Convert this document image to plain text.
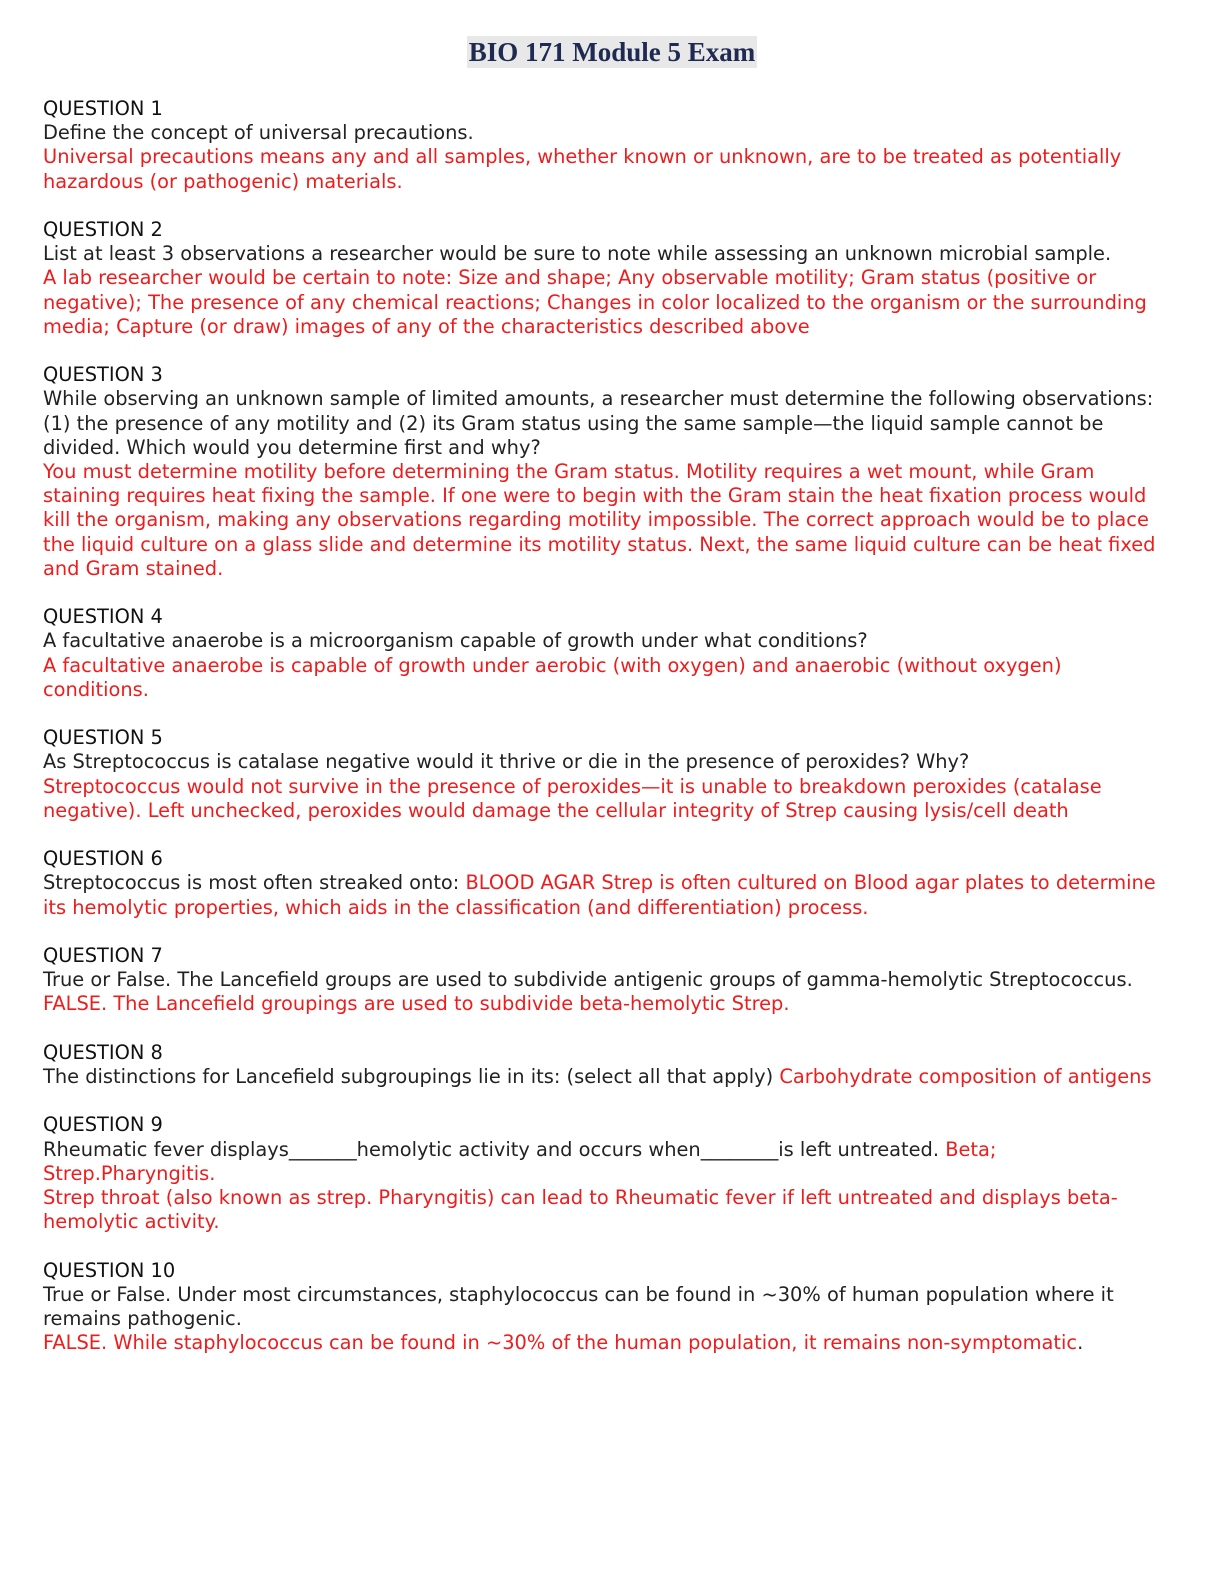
BIO 171 Module 5 Exam
QUESTION 1
Define the concept of universal precautions.
Universal precautions means any and all samples, whether known or unknown, are to be treated as potentially hazardous (or pathogenic) materials.
QUESTION 2
List at least 3 observations a researcher would be sure to note while assessing an unknown microbial sample.
A lab researcher would be certain to note: Size and shape; Any observable motility; Gram status (positive or negative); The presence of any chemical reactions; Changes in color localized to the organism or the surrounding media; Capture (or draw) images of any of the characteristics described above
QUESTION 3
While observing an unknown sample of limited amounts, a researcher must determine the following observations: (1) the presence of any motility and (2) its Gram status using the same sample—the liquid sample cannot be divided. Which would you determine first and why?
You must determine motility before determining the Gram status. Motility requires a wet mount, while Gram staining requires heat fixing the sample. If one were to begin with the Gram stain the heat fixation process would kill the organism, making any observations regarding motility impossible. The correct approach would be to place the liquid culture on a glass slide and determine its motility status. Next, the same liquid culture can be heat fixed and Gram stained.
QUESTION 4
A facultative anaerobe is a microorganism capable of growth under what conditions?
A facultative anaerobe is capable of growth under aerobic (with oxygen) and anaerobic (without oxygen) conditions.
QUESTION 5
As Streptococcus is catalase negative would it thrive or die in the presence of peroxides? Why?
Streptococcus would not survive in the presence of peroxides—it is unable to breakdown peroxides (catalase negative). Left unchecked, peroxides would damage the cellular integrity of Strep causing lysis/cell death
QUESTION 6
Streptococcus is most often streaked onto: BLOOD AGAR Strep is often cultured on Blood agar plates to determine its hemolytic properties, which aids in the classification (and differentiation) process.
QUESTION 7
True or False. The Lancefield groups are used to subdivide antigenic groups of gamma-hemolytic Streptococcus.
FALSE. The Lancefield groupings are used to subdivide beta-hemolytic Strep.
QUESTION 8
The distinctions for Lancefield subgroupings lie in its: (select all that apply) Carbohydrate composition of antigens
QUESTION 9
Rheumatic fever displays_______hemolytic activity and occurs when________is left untreated. Beta; Strep.Pharyngitis.
Strep throat (also known as strep. Pharyngitis) can lead to Rheumatic fever if left untreated and displays beta-hemolytic activity.
QUESTION 10
True or False. Under most circumstances, staphylococcus can be found in ~30% of human population where it remains pathogenic.
FALSE. While staphylococcus can be found in ~30% of the human population, it remains non-symptomatic.
